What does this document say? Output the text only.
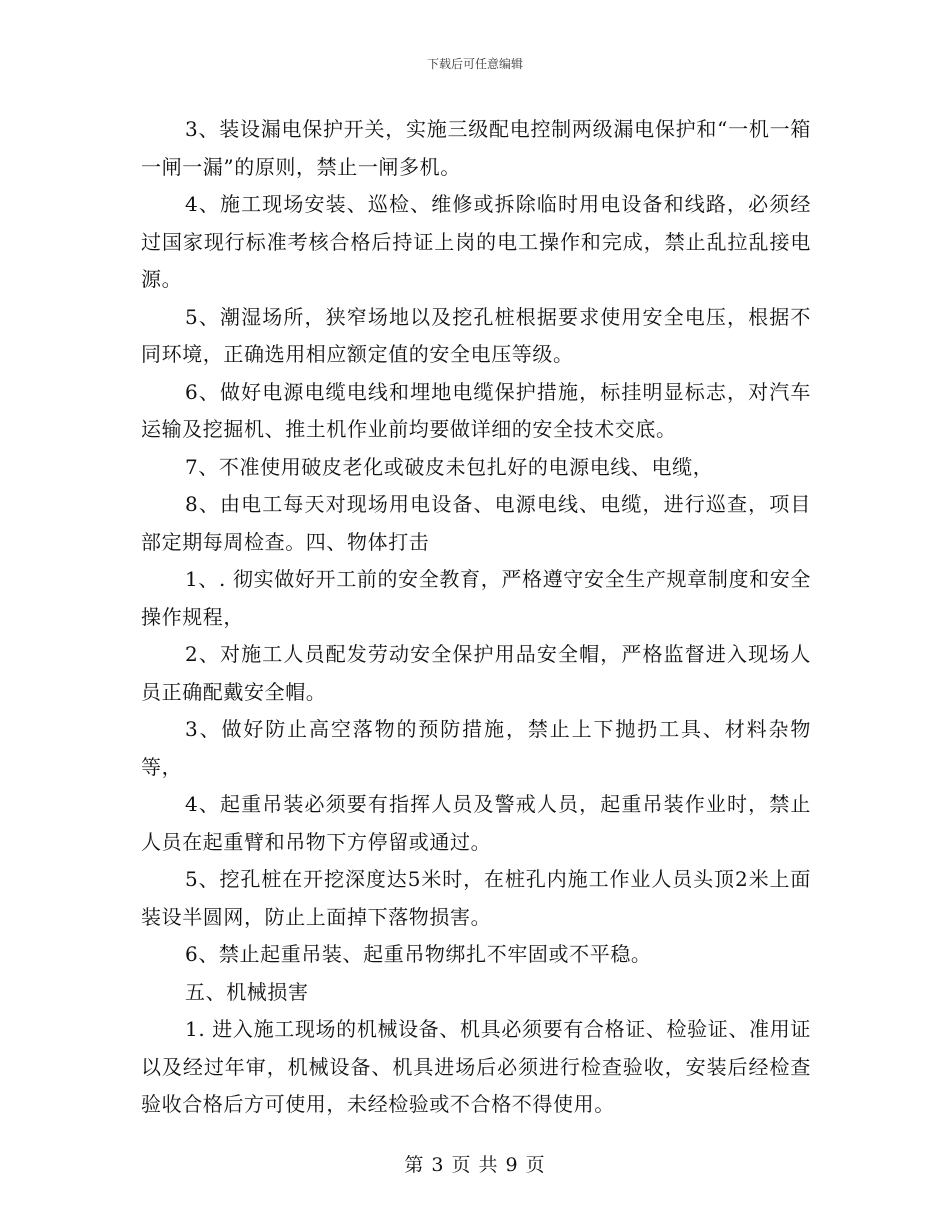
下载后可任意编辑

3、装设漏电保护开关，实施三级配电控制两级漏电保护和“一机一箱一闸一漏”的原则，禁止一闸多机。

4、施工现场安装、巡检、维修或拆除临时用电设备和线路，必须经过国家现行标准考核合格后持证上岗的电工操作和完成，禁止乱拉乱接电源。

5、潮湿场所，狭窄场地以及挖孔桩根据要求使用安全电压，根据不同环境，正确选用相应额定值的安全电压等级。

6、做好电源电缆电线和埋地电缆保护措施，标挂明显标志，对汽车运输及挖掘机、推土机作业前均要做详细的安全技术交底。

7、不准使用破皮老化或破皮未包扎好的电源电线、电缆，

8、由电工每天对现场用电设备、电源电线、电缆，进行巡查，项目部定期每周检查。四、物体打击

1、. 彻实做好开工前的安全教育，严格遵守安全生产规章制度和安全操作规程，

2、对施工人员配发劳动安全保护用品安全帽，严格监督进入现场人员正确配戴安全帽。

3、做好防止高空落物的预防措施，禁止上下抛扔工具、材料杂物等，

4、起重吊装必须要有指挥人员及警戒人员，起重吊装作业时，禁止人员在起重臂和吊物下方停留或通过。

5、挖孔桩在开挖深度达5米时，在桩孔内施工作业人员头顶2米上面装设半圆网，防止上面掉下落物损害。

6、禁止起重吊装、起重吊物绑扎不牢固或不平稳。

五、机械损害

1. 进入施工现场的机械设备、机具必须要有合格证、检验证、准用证以及经过年审，机械设备、机具进场后必须进行检查验收，安装后经检查验收合格后方可使用，未经检验或不合格不得使用。

第 3 页 共 9 页
